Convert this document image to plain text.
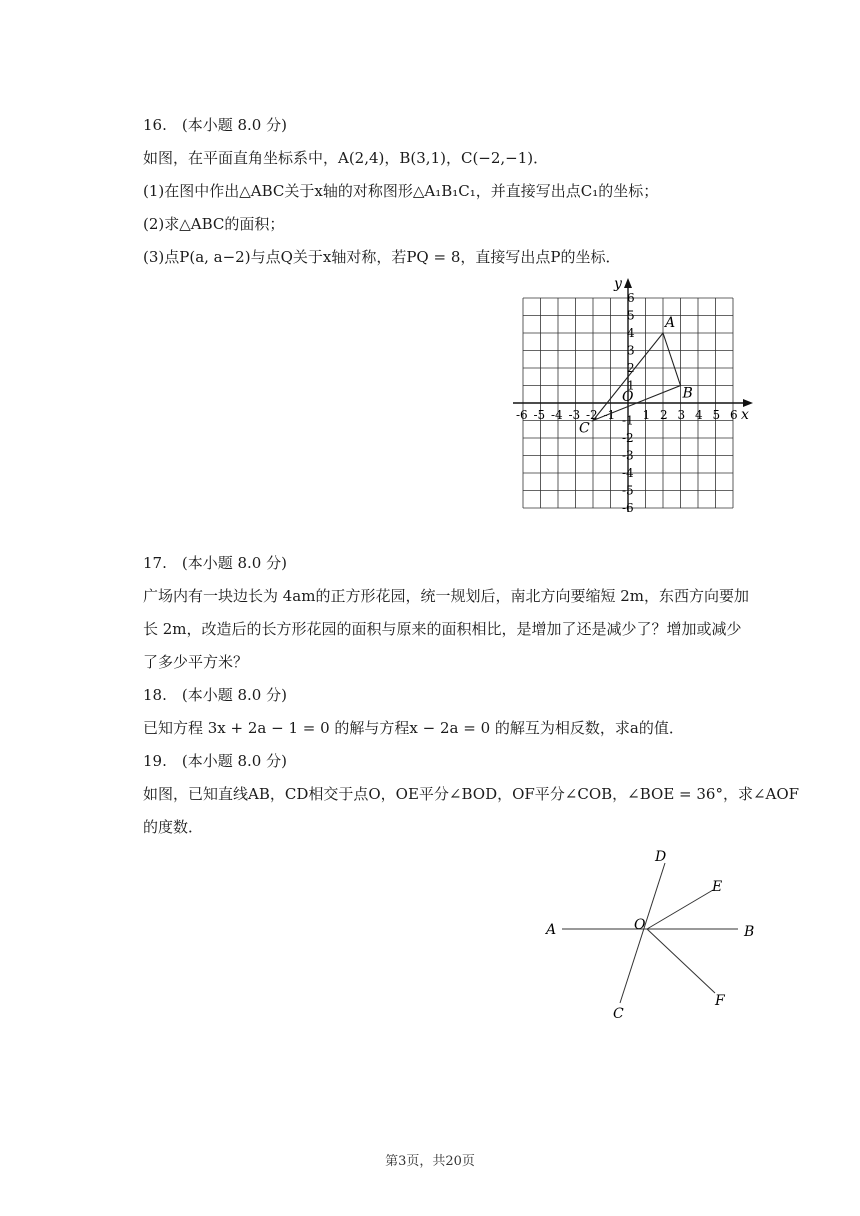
16.　(本小题 8.0 分)
如图，在平面直角坐标系中，A(2,4)，B(3,1)，C(−2,−1)．
(1)在图中作出△ABC关于x轴的对称图形△A₁B₁C₁，并直接写出点C₁的坐标；
(2)求△ABC的面积；
(3)点P(a, a−2)与点Q关于x轴对称，若PQ = 8，直接写出点P的坐标．
-6 -5 -4 -3 -2 -1 1 2 3 4 5 6
6
5
4
3
2
1
-1
-2
-3
-4
-5
-6
A
B
C
x
y
O
17.　(本小题 8.0 分)
广场内有一块边长为 4am的正方形花园，统一规划后，南北方向要缩短 2m，东西方向要加
长 2m，改造后的长方形花园的面积与原来的面积相比，是增加了还是减少了？增加或减少
了多少平方米？
18.　(本小题 8.0 分)
已知方程 3x + 2a − 1 = 0 的解与方程x − 2a = 0 的解互为相反数，求a的值．
19.　(本小题 8.0 分)
如图，已知直线AB，CD相交于点O，OE平分∠BOD，OF平分∠COB，∠BOE = 36°，求∠AOF
的度数．
A	B
C
D
E
F
O
第3页，共20页
